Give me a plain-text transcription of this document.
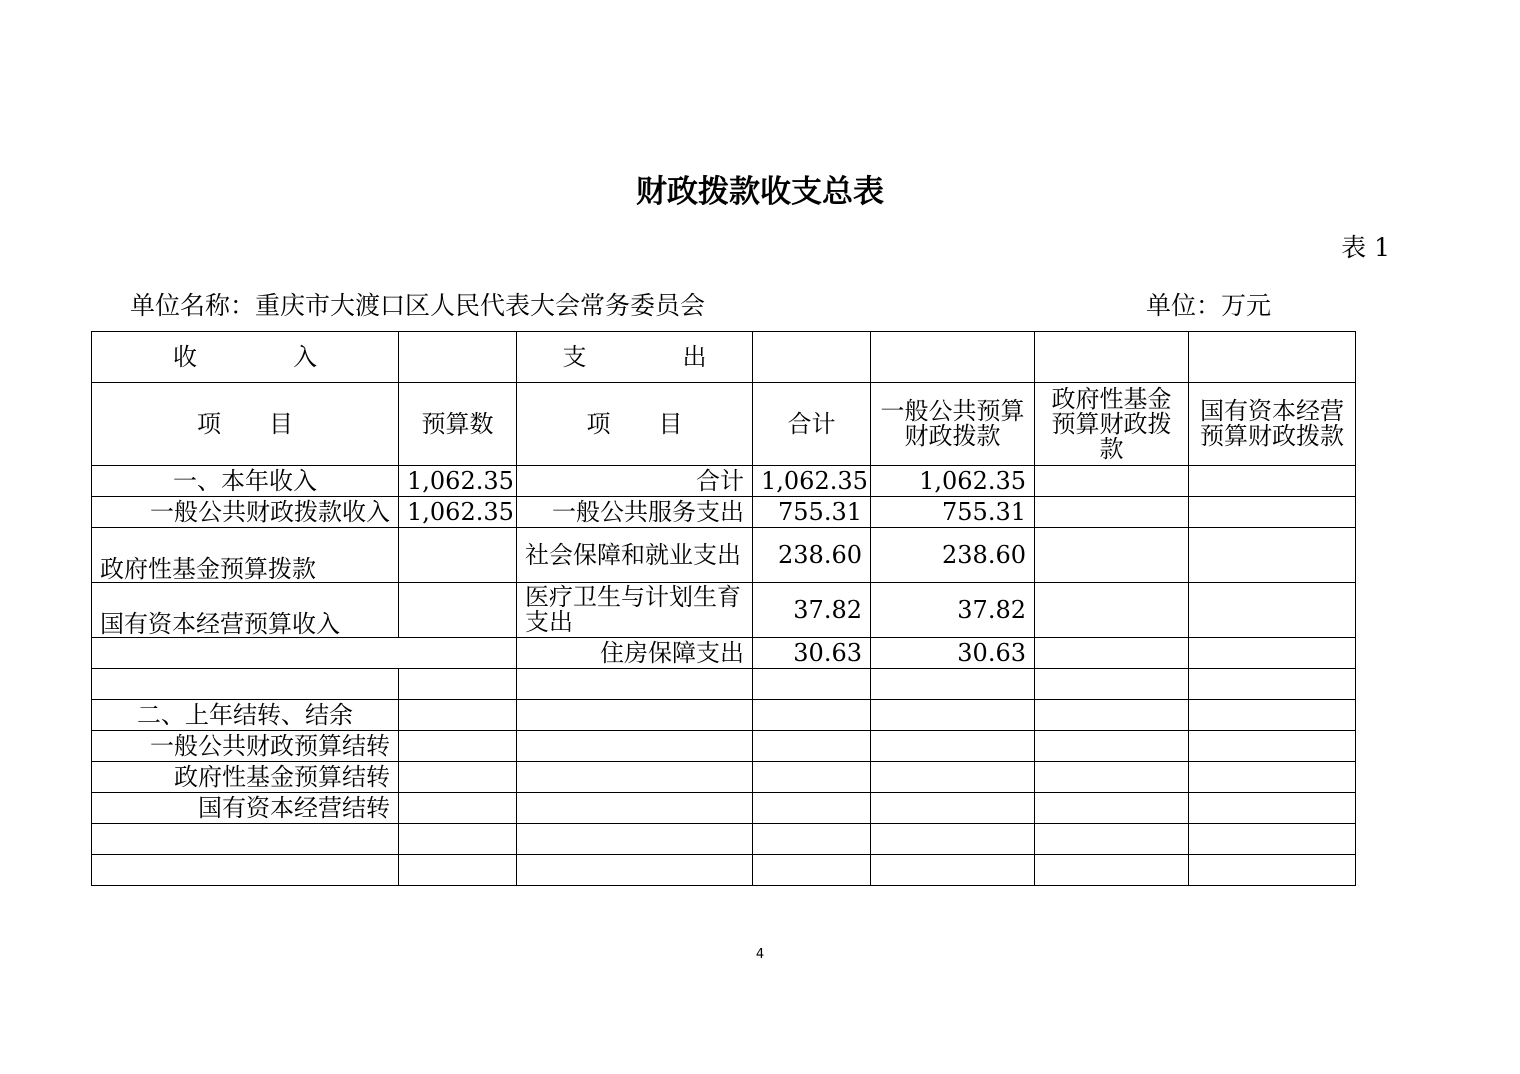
财政拨款收支总表
表 1
单位名称：重庆市大渡口区人民代表大会常务委员会	单位：万元
收　　　　入		支　　　　出				
项　　目	预算数	项　　目	合计	一般公共预算财政拨款	政府性基金预算财政拨款	国有资本经营预算财政拨款
一、本年收入	1,062.35	合计	1,062.35	1,062.35		
一般公共财政拨款收入	1,062.35	一般公共服务支出	755.31	755.31		
政府性基金预算拨款		社会保障和就业支出	238.60	238.60		
国有资本经营预算收入		医疗卫生与计划生育支出	37.82	37.82		
		住房保障支出	30.63	30.63		

二、上年结转、结余						
一般公共财政预算结转						
政府性基金预算结转						
国有资本经营结转						

4
